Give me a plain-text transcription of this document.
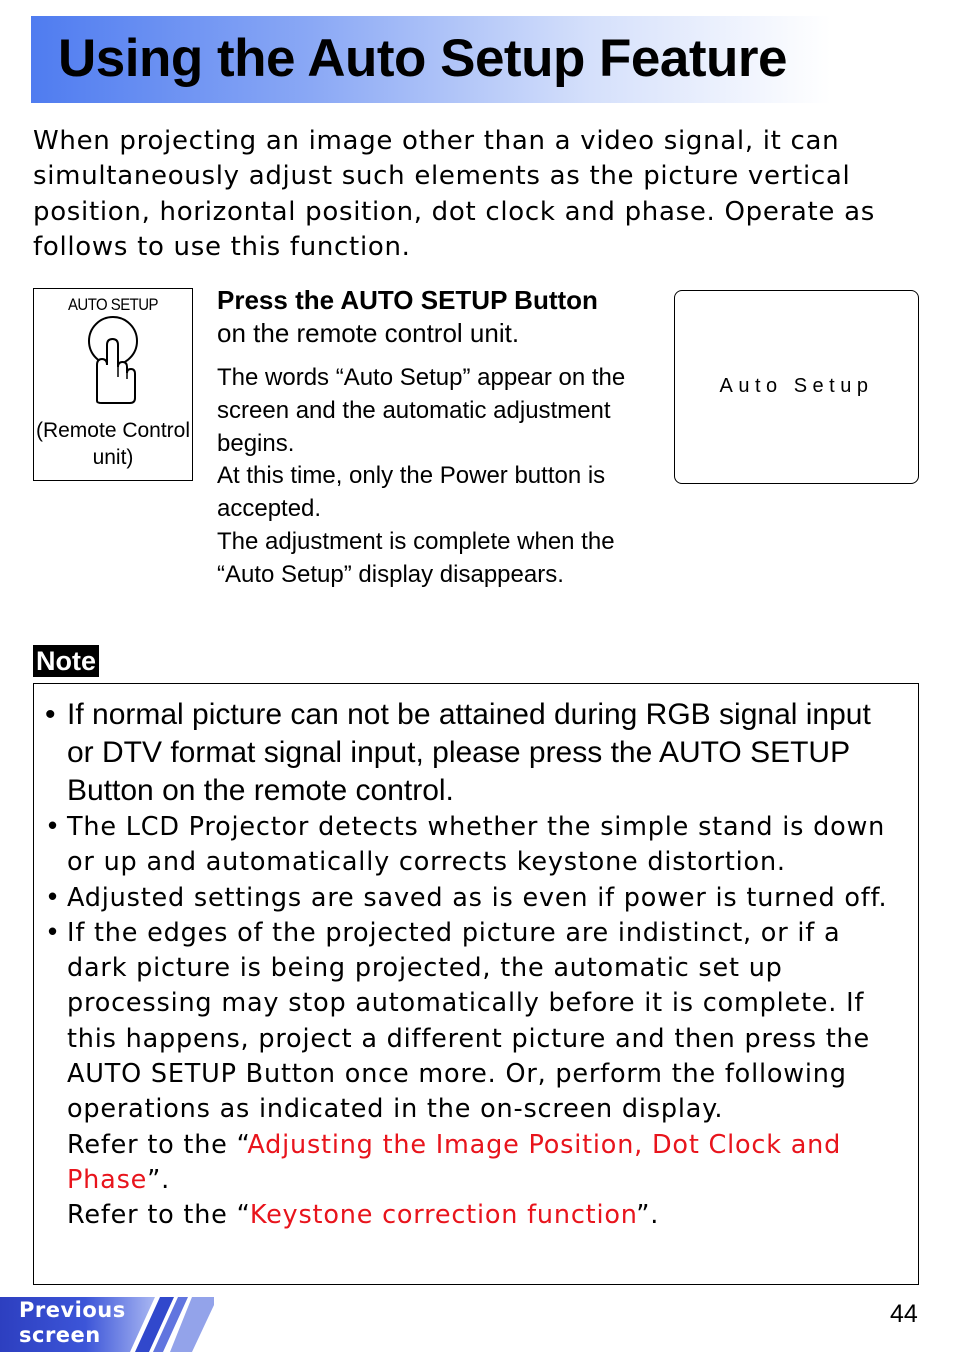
Using the Auto Setup Feature

When projecting an image other than a video signal, it can simultaneously adjust such elements as the picture vertical position, horizontal position, dot clock and phase. Operate as follows to use this function.

AUTO SETUP
(Remote Control unit)
Press the AUTO SETUP Button
on the remote control unit.
The words “Auto Setup” appear on the screen and the automatic adjustment begins.
At this time, only the Power button is accepted.
The adjustment is complete when the “Auto Setup” display disappears.
Auto Setup
Note
• If normal picture can not be attained during RGB signal input or DTV format signal input, please press the AUTO SETUP Button on the remote control.
• The LCD Projector detects whether the simple stand is down or up and automatically corrects keystone distortion.
• Adjusted settings are saved as is even if power is turned off.
• If the edges of the projected picture are indistinct, or if a dark picture is being projected, the automatic set up processing may stop automatically before it is complete. If this happens, project a different picture and then press the AUTO SETUP Button once more. Or, perform the following operations as indicated in the on-screen display.
Refer to the “Adjusting the Image Position, Dot Clock and Phase”.
Refer to the “Keystone correction function”.
44
Previous
screen
